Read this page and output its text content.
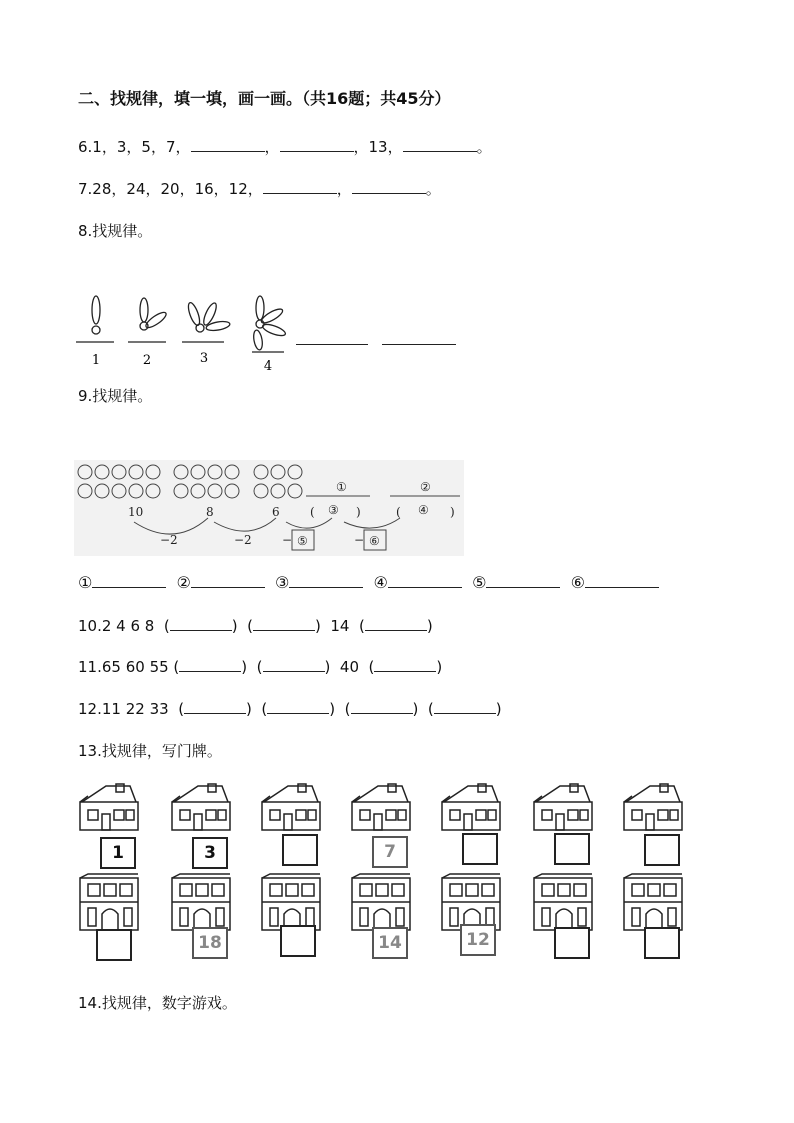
二、找规律，填一填，画一画。（共16题；共45分）
6.1，3，5，7，	，	，13，	。
7.28，24，20，16，12，	，	。
8.找规律。
1	2	3
4
9.找规律。
①	②
10	8	6	( ③ )	( ④ )
−2	−2	− ⑤	− ⑥
①	②	③	④	⑤	⑥
10.2 4 6 8  (	)  (	)  14  (	)
11.65 60 55 (	)  (	)  40  (	)
12.11 22 33  (	)  (	)  (	)  (	)
13.找规律，写门牌。
1	3	7
18	14	12
14.找规律，数字游戏。
